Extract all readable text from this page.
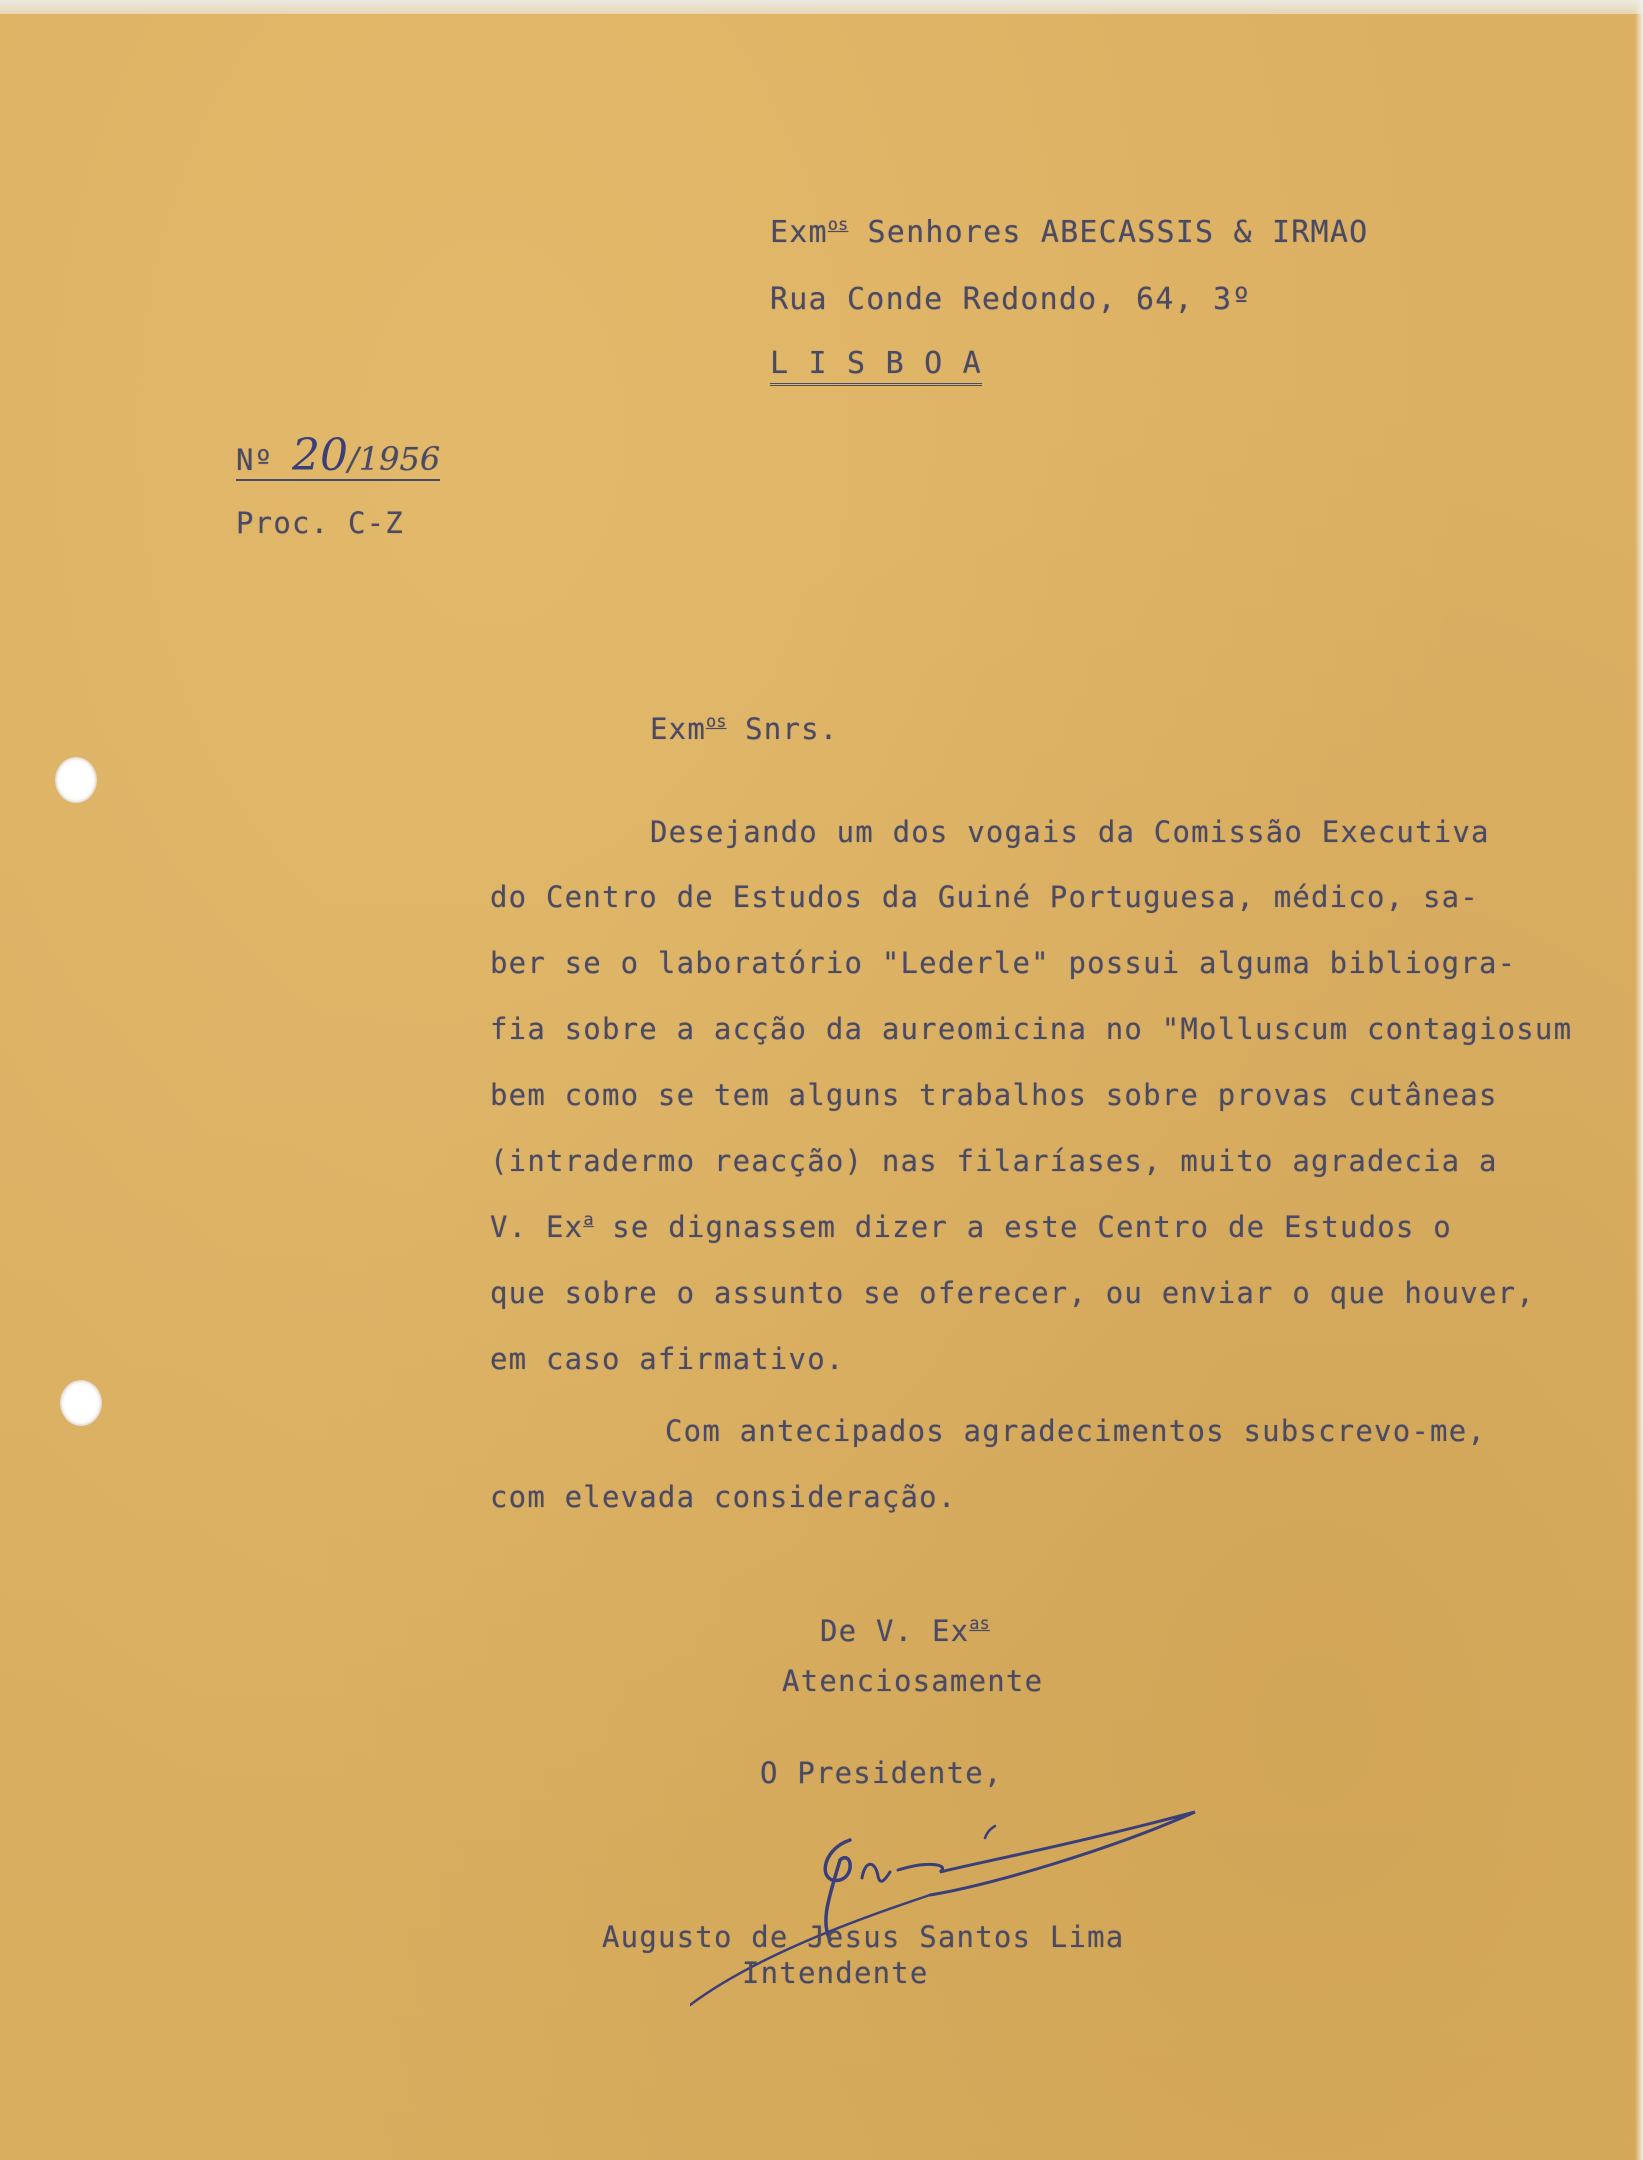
Exm$^{os}$ Senhores ABECASSIS & IRMAO
Rua Conde Redondo, 64, 3º
L I S B O A
Nº 20/1956
Proc. C-Z
Exm$^{os}$ Snrs.
Desejando um dos vogais da Comissão Executiva
do Centro de Estudos da Guiné Portuguesa, médico, sa-
ber se o laboratório "Lederle" possui alguma bibliogra-
fia sobre a acção da aureomicina no "Molluscum contagiosum
bem como se tem alguns trabalhos sobre provas cutâneas
(intradermo reacção) nas filaríases, muito agradecia a
V. Ex$^a$ se dignassem dizer a este Centro de Estudos o
que sobre o assunto se oferecer, ou enviar o que houver,
em caso afirmativo.
Com antecipados agradecimentos subscrevo-me,
com elevada consideração.
De V. $Ex^{as}$
Atenciosamente
O Presidente,
Augusto de Jesus Santos Lima
Intendente
